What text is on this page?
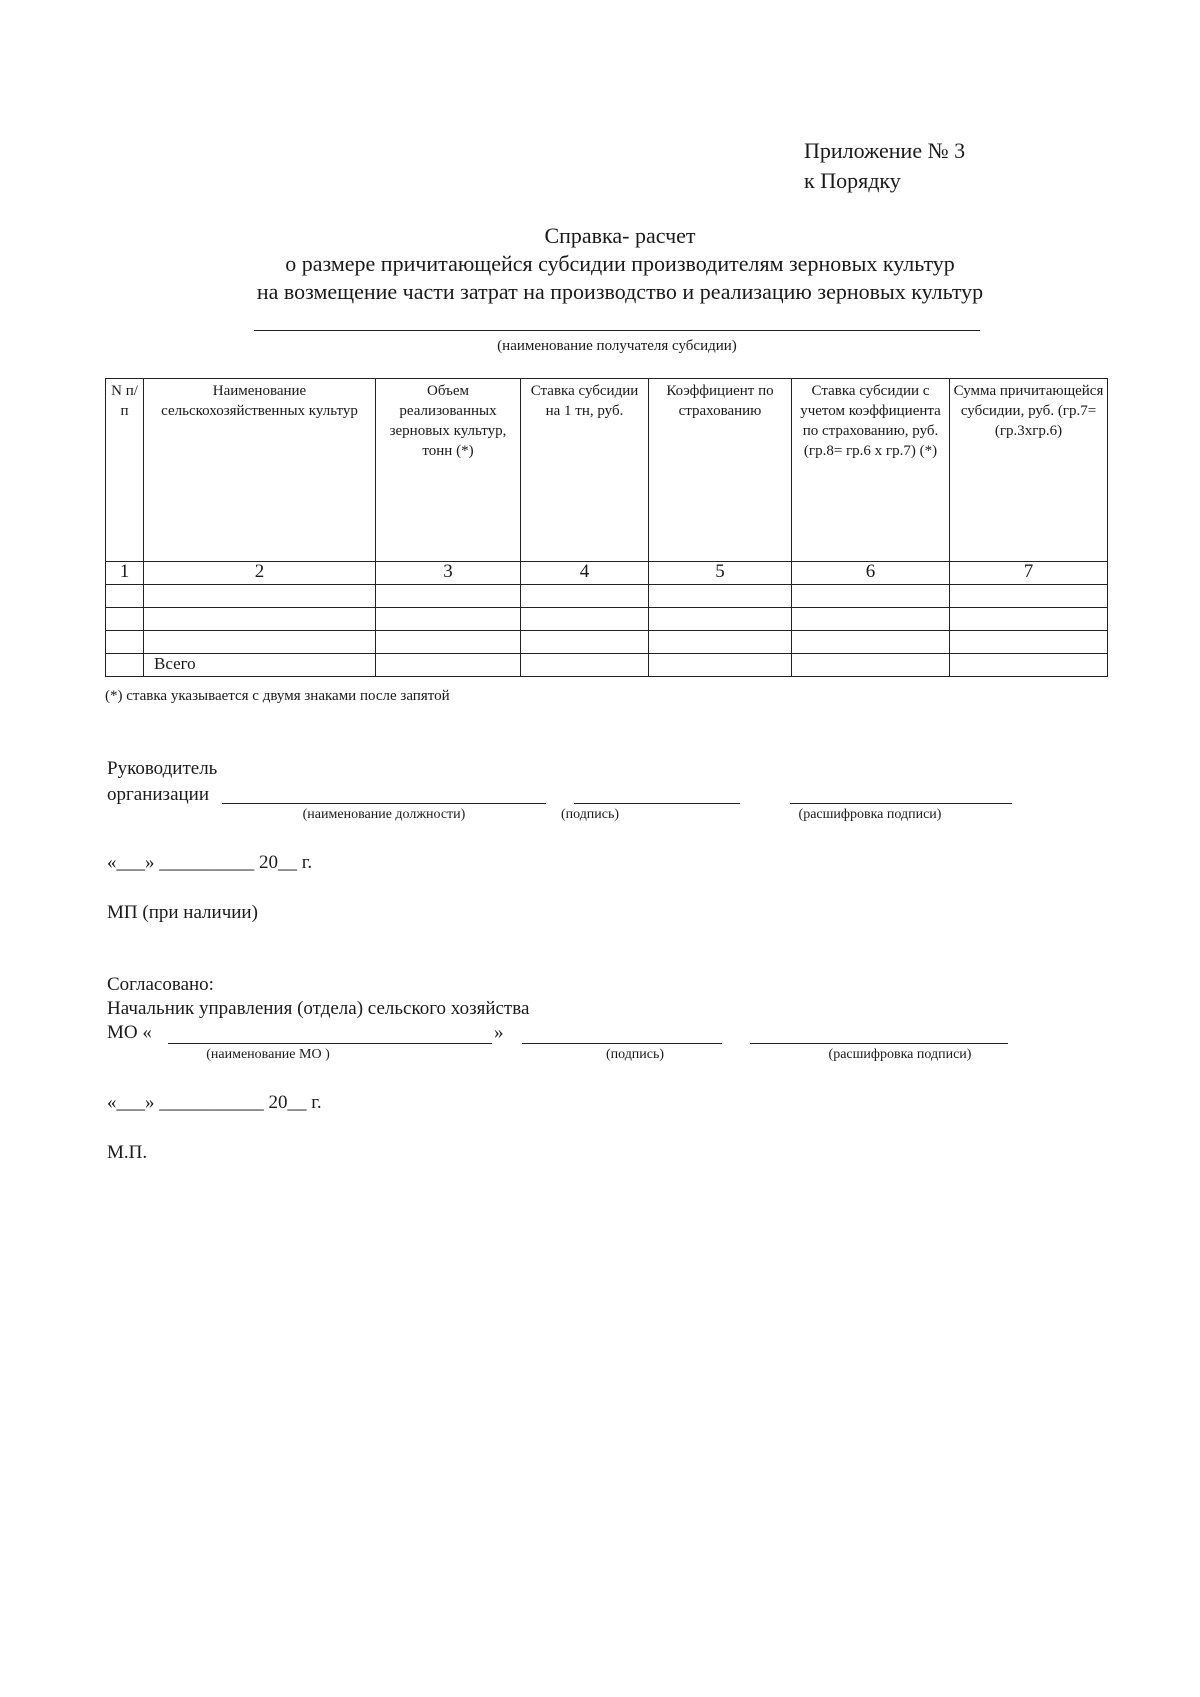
Приложение № 3
к Порядку
Справка- расчет
о размере причитающейся субсидии производителям зерновых культур
на возмещение части затрат на производство и реализацию зерновых культур
(наименование получателя субсидии)
N п/ п	Наименование сельскохозяйственных культур	Объем реализованных зерновых культур, тонн (*)	Ставка субсидии на 1 тн, руб.	Коэффициент по страхованию	Ставка субсидии с учетом коэффициента по страхованию, руб. (гр.8= гр.6 х гр.7) (*)	Сумма причитающейся субсидии, руб. (гр.7= (гр.3хгр.6)
1	2	3	4	5	6	7

	Всего					
(*) ставка указывается с двумя знаками после запятой
Руководитель
организации
(наименование должности)	(подпись)	(расшифровка подписи)
«___» __________ 20__ г.
МП (при наличии)
Согласовано:
Начальник управления (отдела) сельского хозяйства
МО «	»
(наименование МО )	(подпись)	(расшифровка подписи)
«___» ___________ 20__ г.
М.П.
